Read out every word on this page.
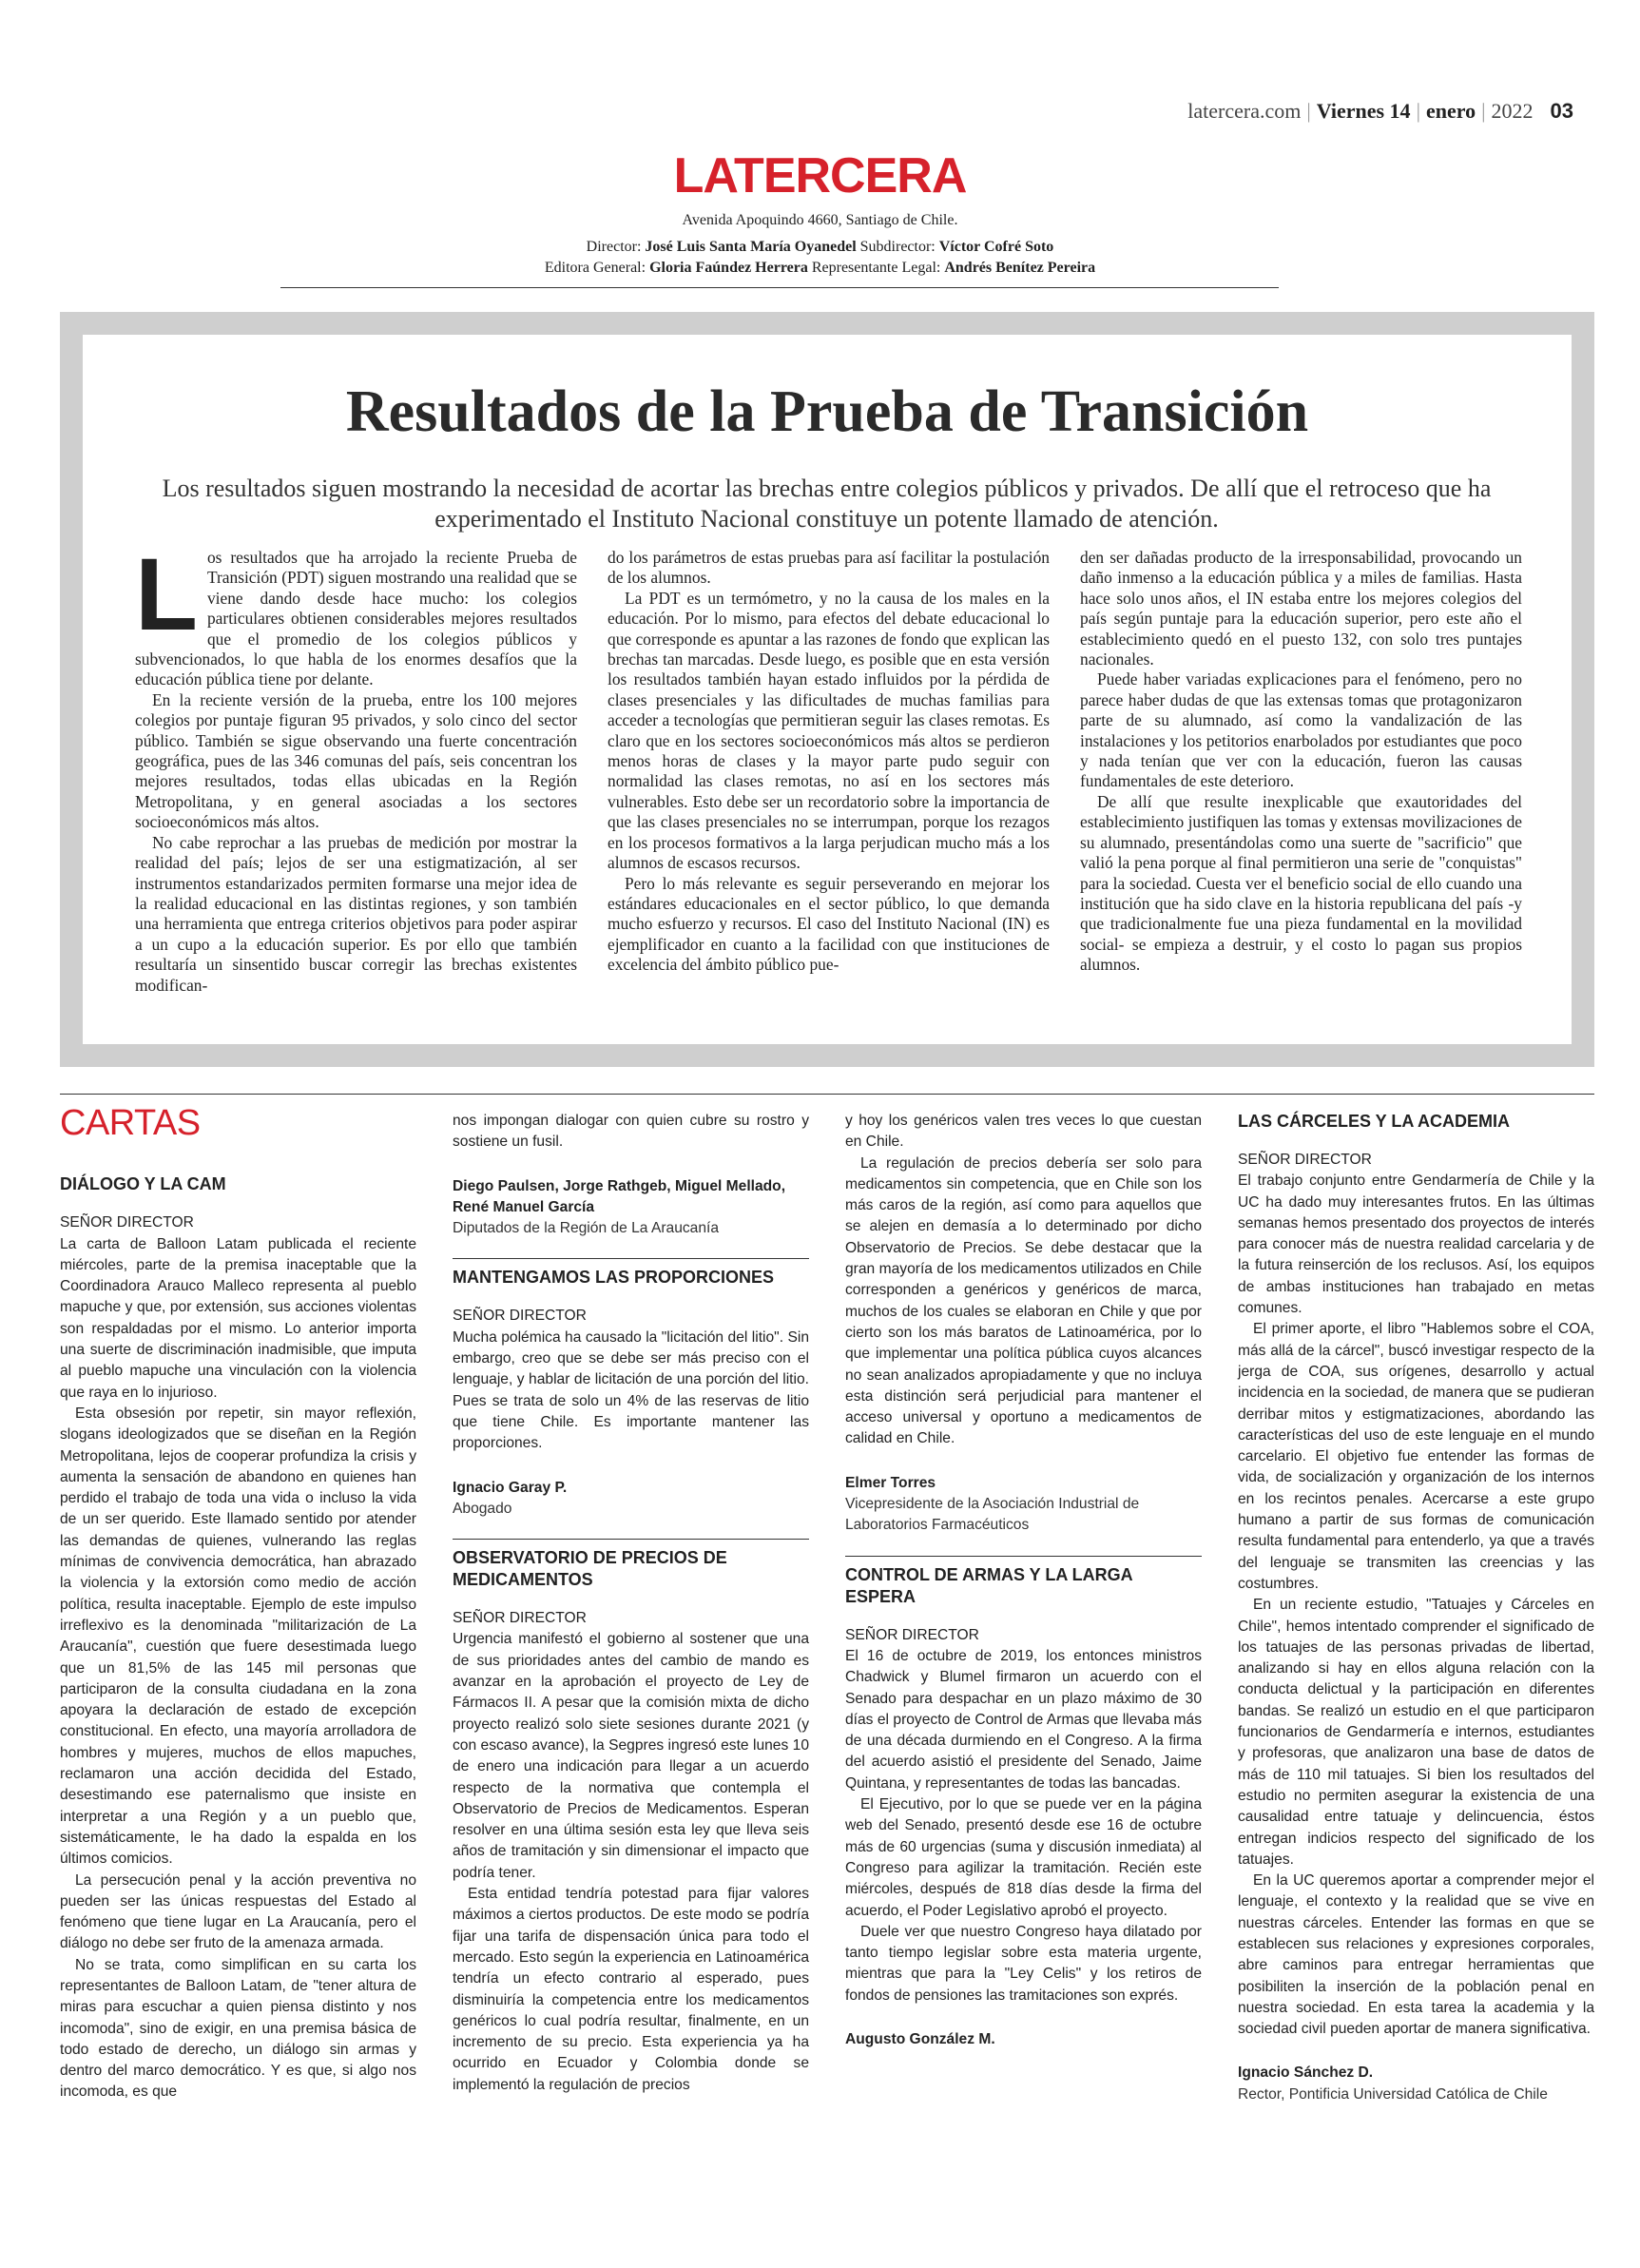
latercera.com | Viernes 14 | enero | 2022 03
LATERCERA
Avenida Apoquindo 4660, Santiago de Chile.
Director: José Luis Santa María Oyanedel Subdirector: Víctor Cofré Soto
Editora General: Gloria Faúndez Herrera Representante Legal: Andrés Benítez Pereira
Resultados de la Prueba de Transición
Los resultados siguen mostrando la necesidad de acortar las brechas entre colegios públicos y privados. De allí que el retroceso que ha experimentado el Instituto Nacional constituye un potente llamado de atención.
L os resultados que ha arrojado la reciente Prueba de Transición (PDT) siguen mostrando una realidad que se viene dando desde hace mucho: los colegios particulares obtienen considerables mejores resultados que el promedio de los colegios públicos y subvencionados, lo que habla de los enormes desafíos que la educación pública tiene por delante.

En la reciente versión de la prueba, entre los 100 mejores colegios por puntaje figuran 95 privados, y solo cinco del sector público. También se sigue observando una fuerte concentración geográfica, pues de las 346 comunas del país, seis concentran los mejores resultados, todas ellas ubicadas en la Región Metropolitana, y en general asociadas a los sectores socioeconómicos más altos.

No cabe reprochar a las pruebas de medición por mostrar la realidad del país; lejos de ser una estigmatización, al ser instrumentos estandarizados permiten formarse una mejor idea de la realidad educacional en las distintas regiones, y son también una herramienta que entrega criterios objetivos para poder aspirar a un cupo a la educación superior. Es por ello que también resultaría un sinsentido buscar corregir las brechas existentes modifican-

do los parámetros de estas pruebas para así facilitar la postulación de los alumnos.

La PDT es un termómetro, y no la causa de los males en la educación. Por lo mismo, para efectos del debate educacional lo que corresponde es apuntar a las razones de fondo que explican las brechas tan marcadas. Desde luego, es posible que en esta versión los resultados también hayan estado influidos por la pérdida de clases presenciales y las dificultades de muchas familias para acceder a tecnologías que permitieran seguir las clases remotas. Es claro que en los sectores socioeconómicos más altos se perdieron menos horas de clases y la mayor parte pudo seguir con normalidad las clases remotas, no así en los sectores más vulnerables. Esto debe ser un recordatorio sobre la importancia de que las clases presenciales no se interrumpan, porque los rezagos en los procesos formativos a la larga perjudican mucho más a los alumnos de escasos recursos.

Pero lo más relevante es seguir perseverando en mejorar los estándares educacionales en el sector público, lo que demanda mucho esfuerzo y recursos. El caso del Instituto Nacional (IN) es ejemplificador en cuanto a la facilidad con que instituciones de excelencia del ámbito público pue-

den ser dañadas producto de la irresponsabilidad, provocando un daño inmenso a la educación pública y a miles de familias. Hasta hace solo unos años, el IN estaba entre los mejores colegios del país según puntaje para la educación superior, pero este año el establecimiento quedó en el puesto 132, con solo tres puntajes nacionales.

Puede haber variadas explicaciones para el fenómeno, pero no parece haber dudas de que las extensas tomas que protagonizaron parte de su alumnado, así como la vandalización de las instalaciones y los petitorios enarbolados por estudiantes que poco y nada tenían que ver con la educación, fueron las causas fundamentales de este deterioro.

De allí que resulte inexplicable que exautoridades del establecimiento justifiquen las tomas y extensas movilizaciones de su alumnado, presentándolas como una suerte de "sacrificio" que valió la pena porque al final permitieron una serie de "conquistas" para la sociedad. Cuesta ver el beneficio social de ello cuando una institución que ha sido clave en la historia republicana del país -y que tradicionalmente fue una pieza fundamental en la movilidad social- se empieza a destruir, y el costo lo pagan sus propios alumnos.

CARTAS
DIÁLOGO Y LA CAM
SEÑOR DIRECTOR

La carta de Balloon Latam publicada el reciente miércoles, parte de la premisa inaceptable que la Coordinadora Arauco Malleco representa al pueblo mapuche y que, por extensión, sus acciones violentas son respaldadas por el mismo. Lo anterior importa una suerte de discriminación inadmisible, que imputa al pueblo mapuche una vinculación con la violencia que raya en lo injurioso.

Esta obsesión por repetir, sin mayor reflexión, slogans ideologizados que se diseñan en la Región Metropolitana, lejos de cooperar profundiza la crisis y aumenta la sensación de abandono en quienes han perdido el trabajo de toda una vida o incluso la vida de un ser querido. Este llamado sentido por atender las demandas de quienes, vulnerando las reglas mínimas de convivencia democrática, han abrazado la violencia y la extorsión como medio de acción política, resulta inaceptable. Ejemplo de este impulso irreflexivo es la denominada "militarización de La Araucanía", cuestión que fuere desestimada luego que un 81,5% de las 145 mil personas que participaron de la consulta ciudadana en la zona apoyara la declaración de estado de excepción constitucional. En efecto, una mayoría arrolladora de hombres y mujeres, muchos de ellos mapuches, reclamaron una acción decidida del Estado, desestimando ese paternalismo que insiste en interpretar a una Región y a un pueblo que, sistemáticamente, le ha dado la espalda en los últimos comicios.

La persecución penal y la acción preventiva no pueden ser las únicas respuestas del Estado al fenómeno que tiene lugar en La Araucanía, pero el diálogo no debe ser fruto de la amenaza armada.

No se trata, como simplifican en su carta los representantes de Balloon Latam, de "tener altura de miras para escuchar a quien piensa distinto y nos incomoda", sino de exigir, en una premisa básica de todo estado de derecho, un diálogo sin armas y dentro del marco democrático. Y es que, si algo nos incomoda, es que

nos impongan dialogar con quien cubre su rostro y sostiene un fusil.

Diego Paulsen, Jorge Rathgeb, Miguel Mellado, René Manuel García
Diputados de la Región de La Araucanía
MANTENGAMOS LAS PROPORCIONES
SEÑOR DIRECTOR

Mucha polémica ha causado la "licitación del litio". Sin embargo, creo que se debe ser más preciso con el lenguaje, y hablar de licitación de una porción del litio. Pues se trata de solo un 4% de las reservas de litio que tiene Chile. Es importante mantener las proporciones.

Ignacio Garay P.
Abogado
OBSERVATORIO DE PRECIOS DE MEDICAMENTOS
SEÑOR DIRECTOR

Urgencia manifestó el gobierno al sostener que una de sus prioridades antes del cambio de mando es avanzar en la aprobación el proyecto de Ley de Fármacos II. A pesar que la comisión mixta de dicho proyecto realizó solo siete sesiones durante 2021 (y con escaso avance), la Segpres ingresó este lunes 10 de enero una indicación para llegar a un acuerdo respecto de la normativa que contempla el Observatorio de Precios de Medicamentos. Esperan resolver en una última sesión esta ley que lleva seis años de tramitación y sin dimensionar el impacto que podría tener.

Esta entidad tendría potestad para fijar valores máximos a ciertos productos. De este modo se podría fijar una tarifa de dispensación única para todo el mercado. Esto según la experiencia en Latinoamérica tendría un efecto contrario al esperado, pues disminuiría la competencia entre los medicamentos genéricos lo cual podría resultar, finalmente, en un incremento de su precio. Esta experiencia ya ha ocurrido en Ecuador y Colombia donde se implementó la regulación de precios

y hoy los genéricos valen tres veces lo que cuestan en Chile.

La regulación de precios debería ser solo para medicamentos sin competencia, que en Chile son los más caros de la región, así como para aquellos que se alejen en demasía a lo determinado por dicho Observatorio de Precios. Se debe destacar que la gran mayoría de los medicamentos utilizados en Chile corresponden a genéricos y genéricos de marca, muchos de los cuales se elaboran en Chile y que por cierto son los más baratos de Latinoamérica, por lo que implementar una política pública cuyos alcances no sean analizados apropiadamente y que no incluya esta distinción será perjudicial para mantener el acceso universal y oportuno a medicamentos de calidad en Chile.

Elmer Torres
Vicepresidente de la Asociación Industrial de Laboratorios Farmacéuticos
CONTROL DE ARMAS Y LA LARGA ESPERA
SEÑOR DIRECTOR

El 16 de octubre de 2019, los entonces ministros Chadwick y Blumel firmaron un acuerdo con el Senado para despachar en un plazo máximo de 30 días el proyecto de Control de Armas que llevaba más de una década durmiendo en el Congreso. A la firma del acuerdo asistió el presidente del Senado, Jaime Quintana, y representantes de todas las bancadas.

El Ejecutivo, por lo que se puede ver en la página web del Senado, presentó desde ese 16 de octubre más de 60 urgencias (suma y discusión inmediata) al Congreso para agilizar la tramitación. Recién este miércoles, después de 818 días desde la firma del acuerdo, el Poder Legislativo aprobó el proyecto.

Duele ver que nuestro Congreso haya dilatado por tanto tiempo legislar sobre esta materia urgente, mientras que para la "Ley Celis" y los retiros de fondos de pensiones las tramitaciones son exprés.

Augusto González M.
LAS CÁRCELES Y LA ACADEMIA
SEÑOR DIRECTOR

El trabajo conjunto entre Gendarmería de Chile y la UC ha dado muy interesantes frutos. En las últimas semanas hemos presentado dos proyectos de interés para conocer más de nuestra realidad carcelaria y de la futura reinserción de los reclusos. Así, los equipos de ambas instituciones han trabajado en metas comunes.

El primer aporte, el libro "Hablemos sobre el COA, más allá de la cárcel", buscó investigar respecto de la jerga de COA, sus orígenes, desarrollo y actual incidencia en la sociedad, de manera que se pudieran derribar mitos y estigmatizaciones, abordando las características del uso de este lenguaje en el mundo carcelario. El objetivo fue entender las formas de vida, de socialización y organización de los internos en los recintos penales. Acercarse a este grupo humano a partir de sus formas de comunicación resulta fundamental para entenderlo, ya que a través del lenguaje se transmiten las creencias y las costumbres.

En un reciente estudio, "Tatuajes y Cárceles en Chile", hemos intentado comprender el significado de los tatuajes de las personas privadas de libertad, analizando si hay en ellos alguna relación con la conducta delictual y la participación en diferentes bandas. Se realizó un estudio en el que participaron funcionarios de Gendarmería e internos, estudiantes y profesoras, que analizaron una base de datos de más de 110 mil tatuajes. Si bien los resultados del estudio no permiten asegurar la existencia de una causalidad entre tatuaje y delincuencia, éstos entregan indicios respecto del significado de los tatuajes.

En la UC queremos aportar a comprender mejor el lenguaje, el contexto y la realidad que se vive en nuestras cárceles. Entender las formas en que se establecen sus relaciones y expresiones corporales, abre caminos para entregar herramientas que posibiliten la inserción de la población penal en nuestra sociedad. En esta tarea la academia y la sociedad civil pueden aportar de manera significativa.

Ignacio Sánchez D.
Rector, Pontificia Universidad Católica de Chile
